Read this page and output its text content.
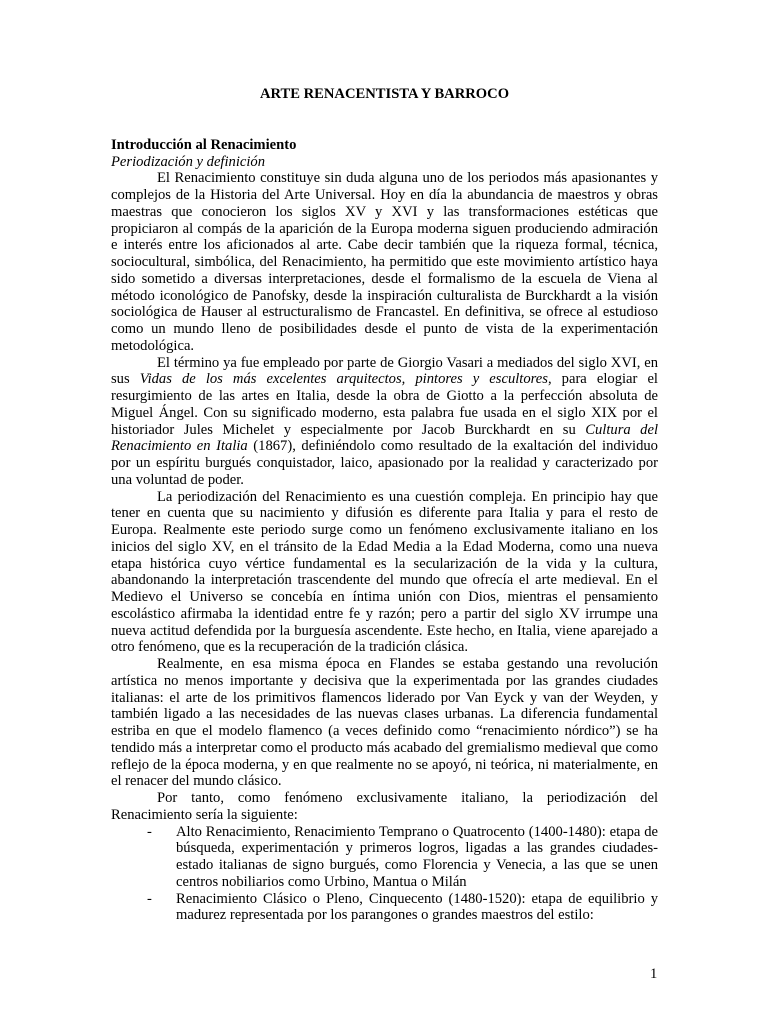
ARTE RENACENTISTA Y BARROCO
Introducción al Renacimiento
Periodización y definición

El Renacimiento constituye sin duda alguna uno de los periodos más apasionantes y complejos de la Historia del Arte Universal. Hoy en día la abundancia de maestros y obras maestras que conocieron los siglos XV y XVI y las transformaciones estéticas que propiciaron al compás de la aparición de la Europa moderna siguen produciendo admiración e interés entre los aficionados al arte. Cabe decir también que la riqueza formal, técnica, sociocultural, simbólica, del Renacimiento, ha permitido que este movimiento artístico haya sido sometido a diversas interpretaciones, desde el formalismo de la escuela de Viena al método iconológico de Panofsky, desde la inspiración culturalista de Burckhardt a la visión sociológica de Hauser al estructuralismo de Francastel. En definitiva, se ofrece al estudioso como un mundo lleno de posibilidades desde el punto de vista de la experimentación metodológica.

El término ya fue empleado por parte de Giorgio Vasari a mediados del siglo XVI, en sus Vidas de los más excelentes arquitectos, pintores y escultores, para elogiar el resurgimiento de las artes en Italia, desde la obra de Giotto a la perfección absoluta de Miguel Ángel. Con su significado moderno, esta palabra fue usada en el siglo XIX por el historiador Jules Michelet y especialmente por Jacob Burckhardt en su Cultura del Renacimiento en Italia (1867), definiéndolo como resultado de la exaltación del individuo por un espíritu burgués conquistador, laico, apasionado por la realidad y caracterizado por una voluntad de poder.

La periodización del Renacimiento es una cuestión compleja. En principio hay que tener en cuenta que su nacimiento y difusión es diferente para Italia y para el resto de Europa. Realmente este periodo surge como un fenómeno exclusivamente italiano en los inicios del siglo XV, en el tránsito de la Edad Media a la Edad Moderna, como una nueva etapa histórica cuyo vértice fundamental es la secularización de la vida y la cultura, abandonando la interpretación trascendente del mundo que ofrecía el arte medieval. En el Medievo el Universo se concebía en íntima unión con Dios, mientras el pensamiento escolástico afirmaba la identidad entre fe y razón; pero a partir del siglo XV irrumpe una nueva actitud defendida por la burguesía ascendente. Este hecho, en Italia, viene aparejado a otro fenómeno, que es la recuperación de la tradición clásica.

Realmente, en esa misma época en Flandes se estaba gestando una revolución artística no menos importante y decisiva que la experimentada por las grandes ciudades italianas: el arte de los primitivos flamencos liderado por Van Eyck y van der Weyden, y también ligado a las necesidades de las nuevas clases urbanas. La diferencia fundamental estriba en que el modelo flamenco (a veces definido como “renacimiento nórdico”) se ha tendido más a interpretar como el producto más acabado del gremialismo medieval que como reflejo de la época moderna, y en que realmente no se apoyó, ni teórica, ni materialmente, en el renacer del mundo clásico.

Por tanto, como fenómeno exclusivamente italiano, la periodización del Renacimiento sería la siguiente:

- Alto Renacimiento, Renacimiento Temprano o Quatrocento (1400-1480): etapa de búsqueda, experimentación y primeros logros, ligadas a las grandes ciudades-estado italianas de signo burgués, como Florencia y Venecia, a las que se unen centros nobiliarios como Urbino, Mantua o Milán
- Renacimiento Clásico o Pleno, Cinquecento (1480-1520): etapa de equilibrio y madurez representada por los parangones o grandes maestros del estilo:
1
